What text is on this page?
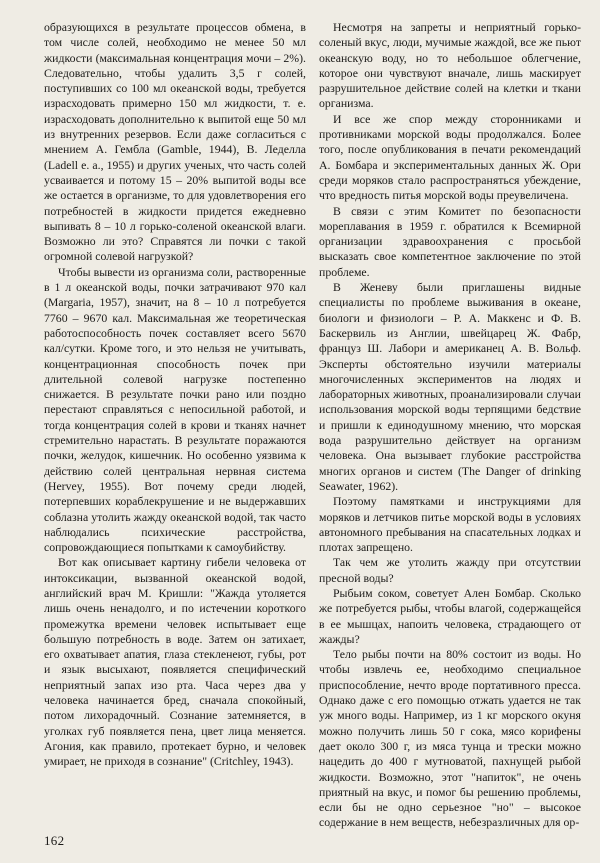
образующихся в результате процессов обмена, в том числе солей, необходимо не менее 50 мл жидкости (максимальная концентрация мочи – 2%). Следовательно, чтобы удалить 3,5 г солей, поступивших со 100 мл океанской воды, требуется израсходовать примерно 150 мл жидкости, т. е. израсходовать дополнительно к выпитой еще 50 мл из внутренних резервов. Если даже согласиться с мнением А. Гембла (Gamble, 1944), В. Леделла (Ladell e. a., 1955) и других ученых, что часть солей усваивается и потому 15 – 20% выпитой воды все же остается в организме, то для удовлетворения его потребностей в жидкости придется ежедневно выпивать 8 – 10 л горько-соленой океанской влаги. Возможно ли это? Справятся ли почки с такой огромной солевой нагрузкой?

Чтобы вывести из организма соли, растворенные в 1 л океанской воды, почки затрачивают 970 кал (Margaria, 1957), значит, на 8 – 10 л потребуется 7760 – 9670 кал. Максимальная же теоретическая работоспособность почек составляет всего 5670 кал/сутки. Кроме того, и это нельзя не учитывать, концентрационная способность почек при длительной солевой нагрузке постепенно снижается. В результате почки рано или поздно перестают справляться с непосильной работой, и тогда концентрация солей в крови и тканях начнет стремительно нарастать. В результате поражаются почки, желудок, кишечник. Но особенно уязвима к действию солей центральная нервная система (Hervey, 1955). Вот почему среди людей, потерпевших кораблекрушение и не выдержавших соблазна утолить жажду океанской водой, так часто наблюдались психические расстройства, сопровождающиеся попытками к самоубийству.

Вот как описывает картину гибели человека от интоксикации, вызванной океанской водой, английский врач М. Кришли: "Жажда утоляется лишь очень ненадолго, и по истечении короткого промежутка времени человек испытывает еще большую потребность в воде. Затем он затихает, его охватывает апатия, глаза стекленеют, губы, рот и язык высыхают, появляется специфический неприятный запах изо рта. Часа через два у человека начинается бред, сначала спокойный, потом лихорадочный. Сознание затемняется, в уголках губ появляется пена, цвет лица меняется. Агония, как правило, протекает бурно, и человек умирает, не приходя в сознание" (Critchley, 1943).

Несмотря на запреты и неприятный горько-соленый вкус, люди, мучимые жаждой, все же пьют океанскую воду, но то небольшое облегчение, которое они чувствуют вначале, лишь маскирует разрушительное действие солей на клетки и ткани организма.

И все же спор между сторонниками и противниками морской воды продолжался. Более того, после опубликования в печати рекомендаций А. Бомбара и экспериментальных данных Ж. Ори среди моряков стало распространяться убеждение, что вредность питья морской воды преувеличена.

В связи с этим Комитет по безопасности мореплавания в 1959 г. обратился к Всемирной организации здравоохранения с просьбой высказать свое компетентное заключение по этой проблеме.

В Женеву были приглашены видные специалисты по проблеме выживания в океане, биологи и физиологи – Р. А. Маккенс и Ф. В. Баскервиль из Англии, швейцарец Ж. Фабр, француз Ш. Лабори и американец А. В. Вольф. Эксперты обстоятельно изучили материалы многочисленных экспериментов на людях и лабораторных животных, проанализировали случаи использования морской воды терпящими бедствие и пришли к единодушному мнению, что морская вода разрушительно действует на организм человека. Она вызывает глубокие расстройства многих органов и систем (The Danger of drinking Seawater, 1962).

Поэтому памятками и инструкциями для моряков и летчиков питье морской воды в условиях автономного пребывания на спасательных лодках и плотах запрещено.

Так чем же утолить жажду при отсутствии пресной воды?

Рыбьим соком, советует Ален Бомбар. Сколько же потребуется рыбы, чтобы влагой, содержащейся в ее мышцах, напоить человека, страдающего от жажды?

Тело рыбы почти на 80% состоит из воды. Но чтобы извлечь ее, необходимо специальное приспособление, нечто вроде портативного пресса. Однако даже с его помощью отжать удается не так уж много воды. Например, из 1 кг морского окуня можно получить лишь 50 г сока, мясо корифены дает около 300 г, из мяса тунца и трески можно нацедить до 400 г мутноватой, пахнущей рыбой жидкости. Возможно, этот "напиток", не очень приятный на вкус, и помог бы решению проблемы, если бы не одно серьезное "но" – высокое содержание в нем веществ, небезразличных для ор-

162
